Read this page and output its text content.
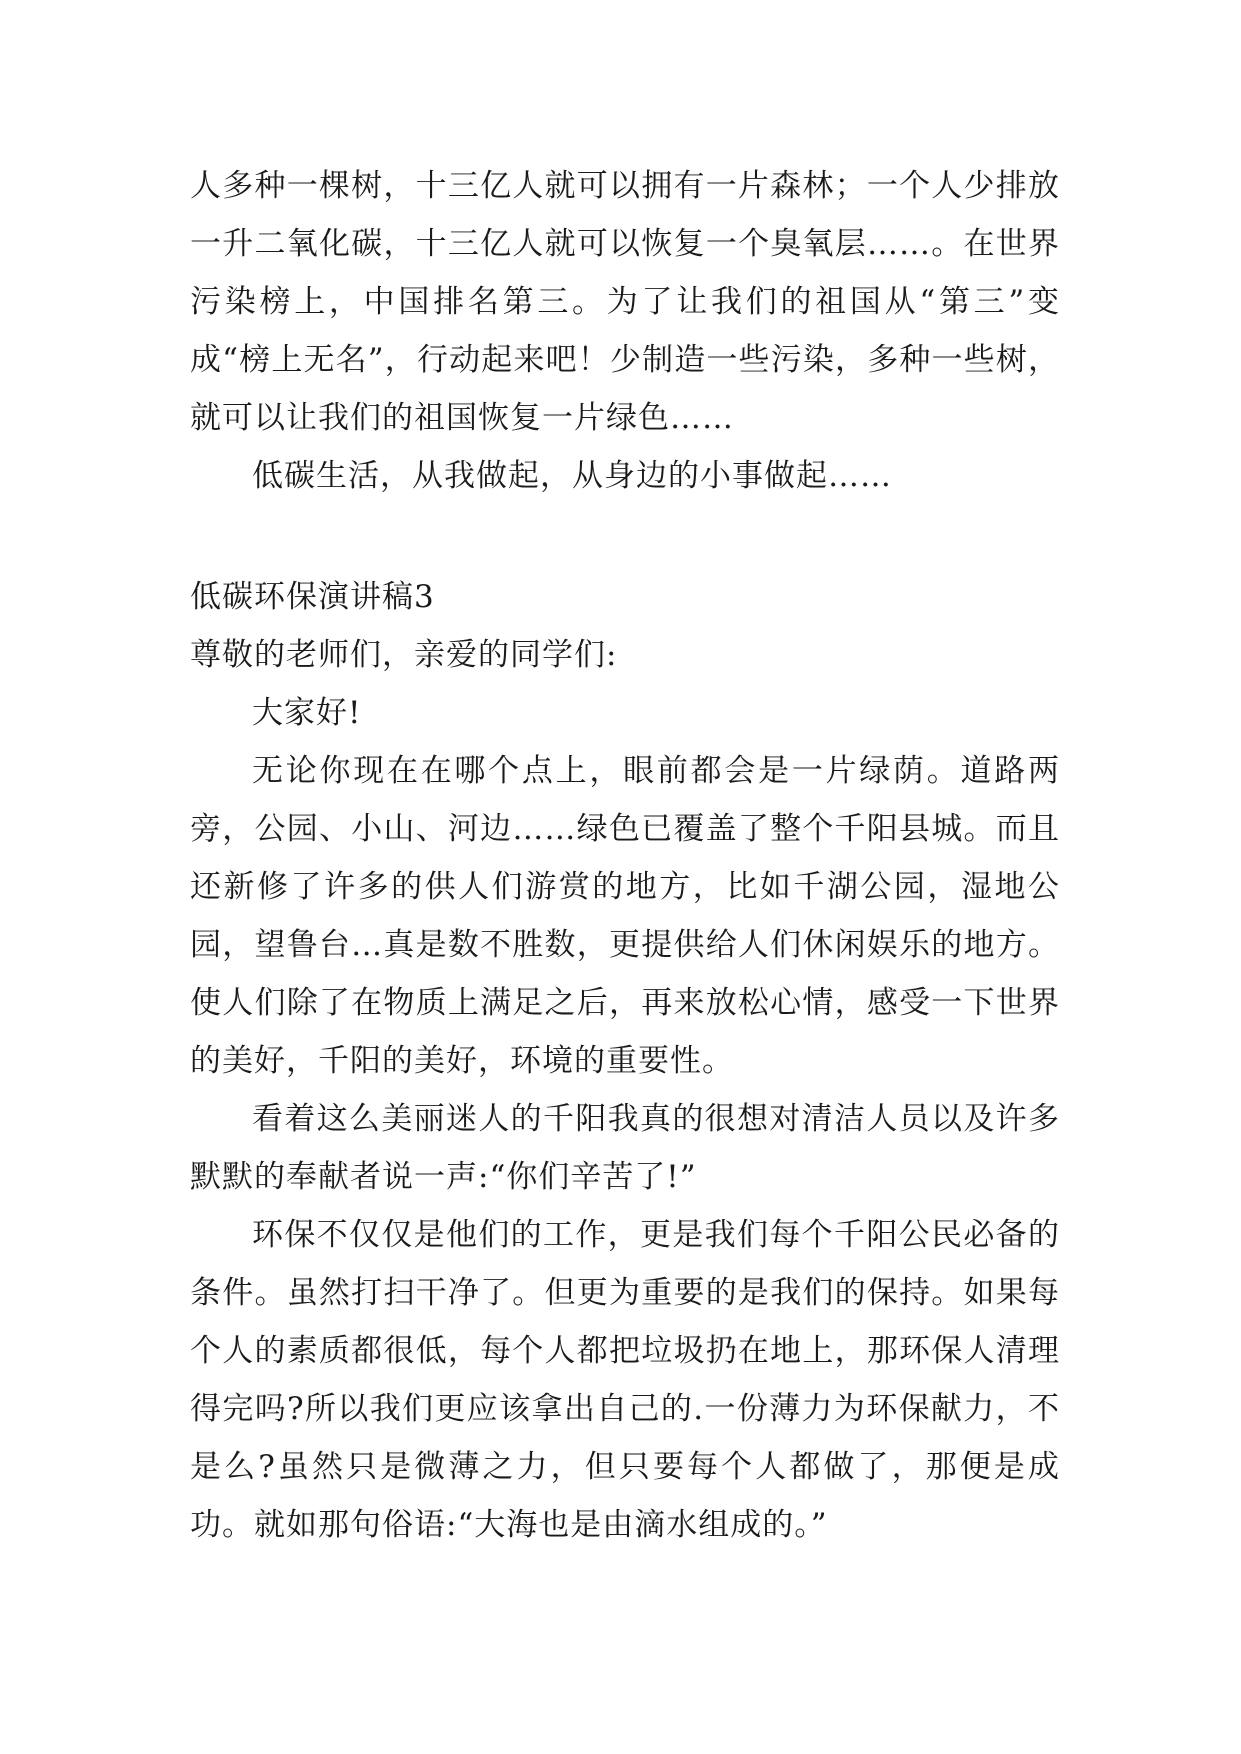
人多种一棵树，十三亿人就可以拥有一片森林；一个人少排放一升二氧化碳，十三亿人就可以恢复一个臭氧层……。在世界污染榜上，中国排名第三。为了让我们的祖国从“第三”变成“榜上无名”，行动起来吧！少制造一些污染，多种一些树，就可以让我们的祖国恢复一片绿色……

低碳生活，从我做起，从身边的小事做起……

低碳环保演讲稿3

尊敬的老师们，亲爱的同学们:

大家好!

无论你现在在哪个点上，眼前都会是一片绿荫。道路两旁，公园、小山、河边……绿色已覆盖了整个千阳县城。而且还新修了许多的供人们游赏的地方，比如千湖公园，湿地公园，望鲁台…真是数不胜数，更提供给人们休闲娱乐的地方。使人们除了在物质上满足之后，再来放松心情，感受一下世界的美好，千阳的美好，环境的重要性。

看着这么美丽迷人的千阳我真的很想对清洁人员以及许多默默的奉献者说一声:“你们辛苦了!”

环保不仅仅是他们的工作，更是我们每个千阳公民必备的条件。虽然打扫干净了。但更为重要的是我们的保持。如果每个人的素质都很低，每个人都把垃圾扔在地上，那环保人清理得完吗?所以我们更应该拿出自己的.一份薄力为环保献力，不是么?虽然只是微薄之力，但只要每个人都做了，那便是成功。就如那句俗语:“大海也是由滴水组成的。”
